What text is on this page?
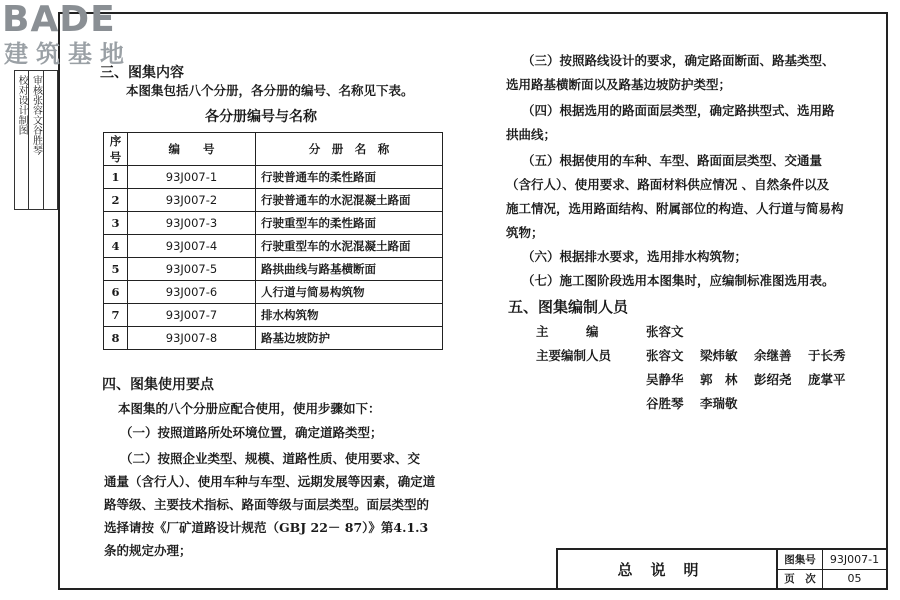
BADE
建筑基地
校
对
设
计
制
图
审
核
张
容
文
谷
胜
琴
三、图集内容
本图集包括八个分册，各分册的编号、名称见下表。
各分册编号与名称
序号	编　　号	分　册　名　称
1	93J007-1	行驶普通车的柔性路面
2	93J007-2	行驶普通车的水泥混凝土路面
3	93J007-3	行驶重型车的柔性路面
4	93J007-4	行驶重型车的水泥混凝土路面
5	93J007-5	路拱曲线与路基横断面
6	93J007-6	人行道与简易构筑物
7	93J007-7	排水构筑物
8	93J007-8	路基边坡防护
四、图集使用要点
本图集的八个分册应配合使用，使用步骤如下：
（一）按照道路所处环境位置，确定道路类型；
（二）按照企业类型、规模、道路性质、使用要求、交
通量（含行人）、使用车种与车型、远期发展等因素，确定道
路等级、主要技术指标、路面等级与面层类型。面层类型的
选择请按《厂矿道路设计规范（GBJ 22－ 87）》第4.1.3
条的规定办理；
（三）按照路线设计的要求，确定路面断面、路基类型、
选用路基横断面以及路基边坡防护类型；
（四）根据选用的路面面层类型，确定路拱型式、选用路
拱曲线；
（五）根据使用的车种、车型、路面面层类型、交通量
（含行人）、使用要求、路面材料供应情况 、自然条件以及
施工情况，选用路面结构、附属部位的构造、人行道与简易构
筑物；
（六）根据排水要求，选用排水构筑物；
（七）施工图阶段选用本图集时，应编制标准图选用表。
五、图集编制人员
主　　　编	张容文
主要编制人员	张容文 梁炜敏 余继善 于长秀
吴静华 郭　林 彭绍尧 庞掌平
谷胜琴 李瑞敬
总说明
图集号	93J007-1
页　次	05
